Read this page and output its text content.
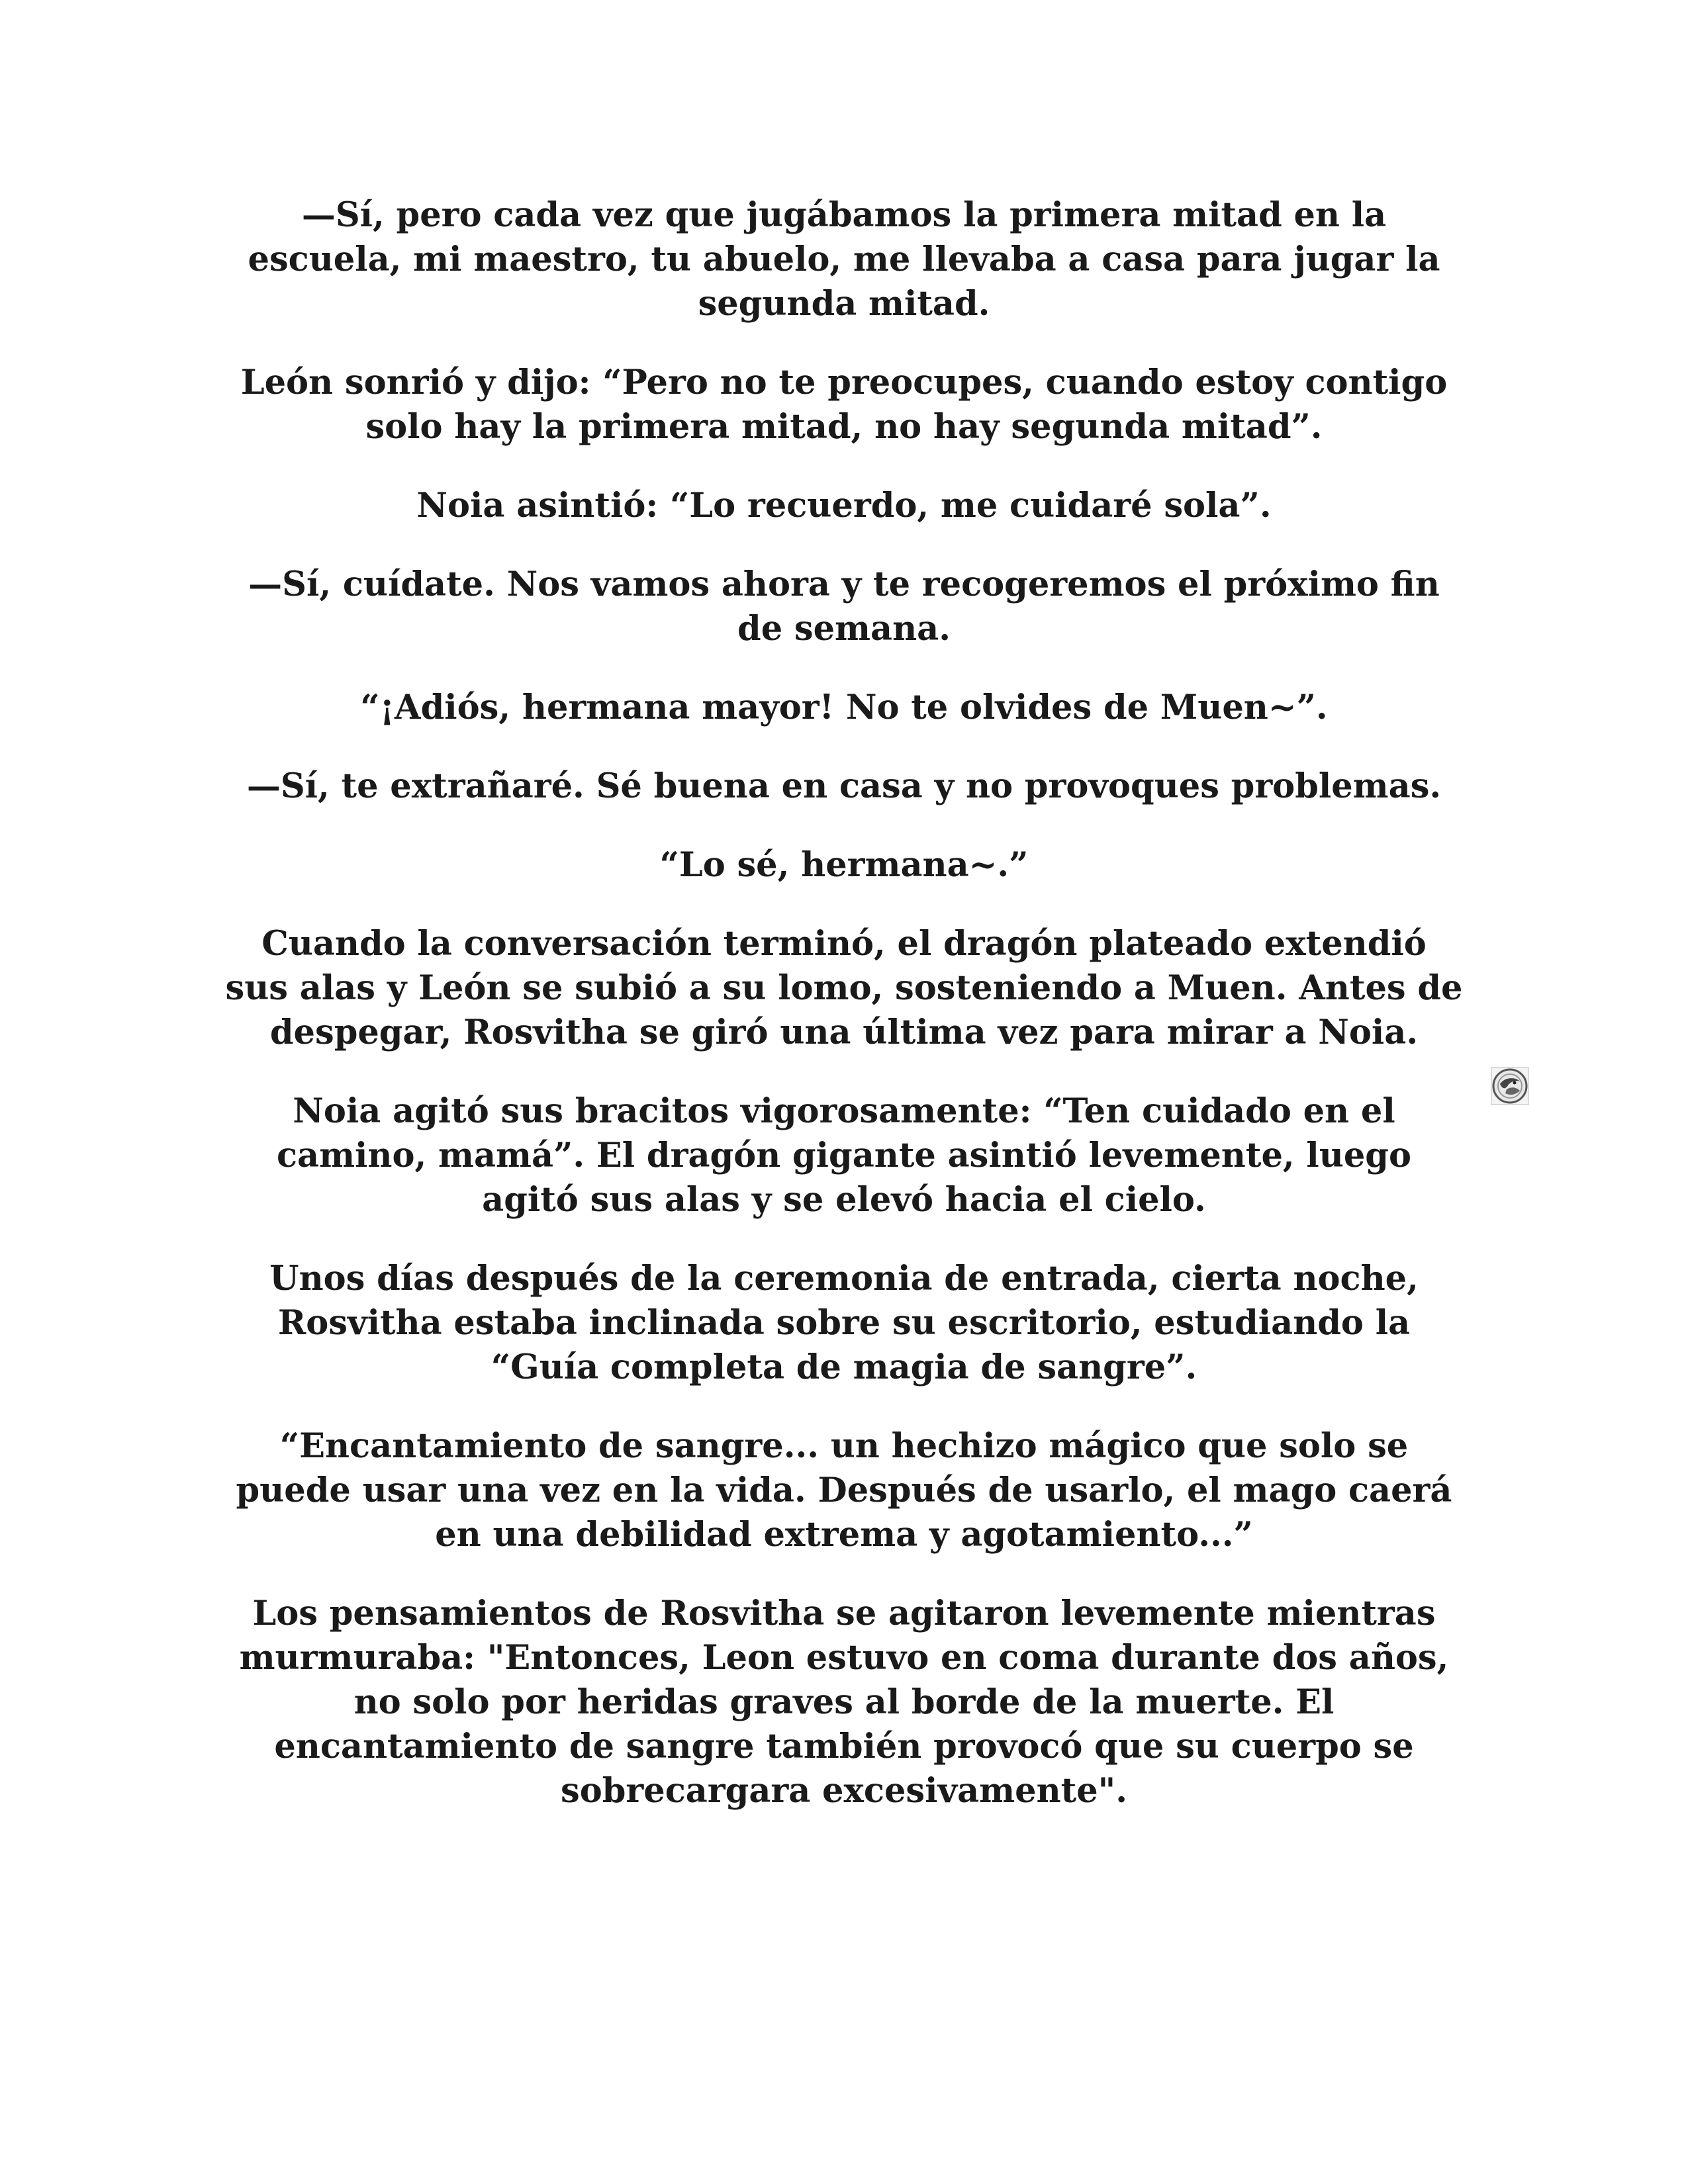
—Sí, pero cada vez que jugábamos la primera mitad en la escuela, mi maestro, tu abuelo, me llevaba a casa para jugar la segunda mitad.

León sonrió y dijo: “Pero no te preocupes, cuando estoy contigo solo hay la primera mitad, no hay segunda mitad”.

Noia asintió: “Lo recuerdo, me cuidaré sola”.

—Sí, cuídate. Nos vamos ahora y te recogeremos el próximo fin de semana.

“¡Adiós, hermana mayor! No te olvides de Muen~”.

—Sí, te extrañaré. Sé buena en casa y no provoques problemas.

“Lo sé, hermana~.”

Cuando la conversación terminó, el dragón plateado extendió sus alas y León se subió a su lomo, sosteniendo a Muen. Antes de despegar, Rosvitha se giró una última vez para mirar a Noia.

Noia agitó sus bracitos vigorosamente: “Ten cuidado en el camino, mamá”. El dragón gigante asintió levemente, luego agitó sus alas y se elevó hacia el cielo.

Unos días después de la ceremonia de entrada, cierta noche, Rosvitha estaba inclinada sobre su escritorio, estudiando la “Guía completa de magia de sangre”.

“Encantamiento de sangre... un hechizo mágico que solo se puede usar una vez en la vida. Después de usarlo, el mago caerá en una debilidad extrema y agotamiento...”

Los pensamientos de Rosvitha se agitaron levemente mientras murmuraba: "Entonces, Leon estuvo en coma durante dos años, no solo por heridas graves al borde de la muerte. El encantamiento de sangre también provocó que su cuerpo se sobrecargara excesivamente".
